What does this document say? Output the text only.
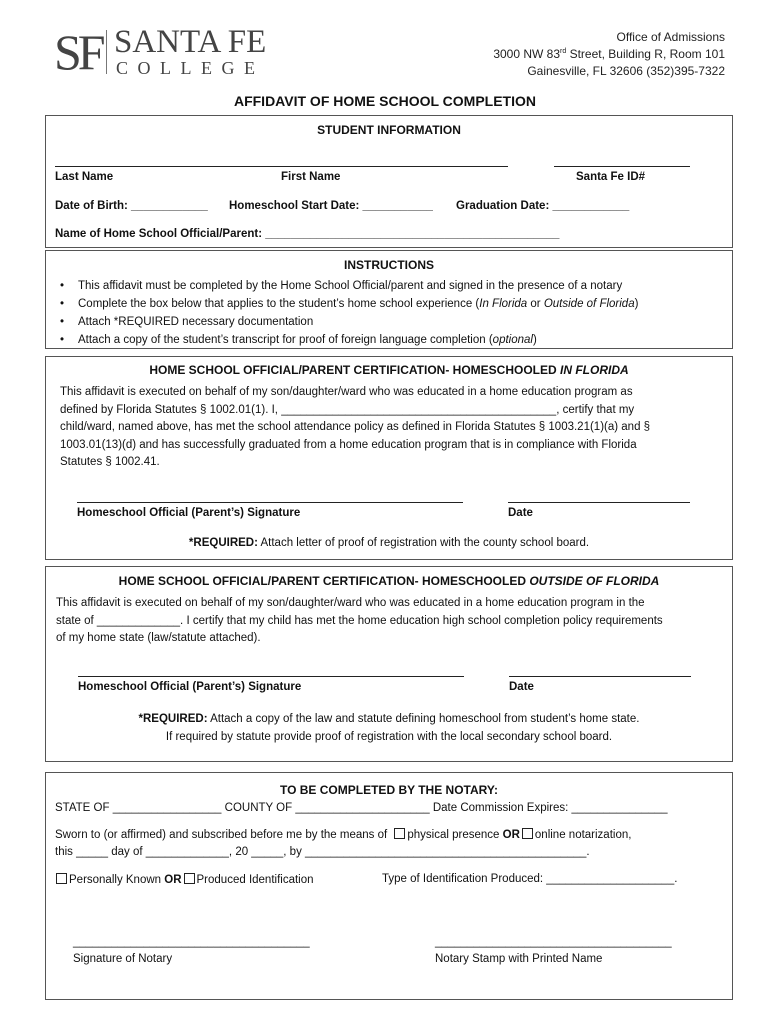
SF SANTA FE
COLLEGE
Office of Admissions
3000 NW 83rd Street, Building R, Room 101
Gainesville, FL 32606 (352)395-7322
AFFIDAVIT OF HOME SCHOOL COMPLETION
STUDENT INFORMATION
Last Name	First Name	Santa Fe ID#
Date of Birth: ____________ Homeschool Start Date: ___________ Graduation Date: ____________
Name of Home School Official/Parent: ______________________________________________
INSTRUCTIONS
• This affidavit must be completed by the Home School Official/parent and signed in the presence of a notary
• Complete the box below that applies to the student’s home school experience (In Florida or Outside of Florida)
• Attach *REQUIRED necessary documentation
• Attach a copy of the student’s transcript for proof of foreign language completion (optional)
HOME SCHOOL OFFICIAL/PARENT CERTIFICATION- HOMESCHOOLED IN FLORIDA
This affidavit is executed on behalf of my son/daughter/ward who was educated in a home education program as
defined by Florida Statutes § 1002.01(1). I, ___________________________________________, certify that my
child/ward, named above, has met the school attendance policy as defined in Florida Statutes § 1003.21(1)(a) and §
1003.01(13)(d) and has successfully graduated from a home education program that is in compliance with Florida
Statutes § 1002.41.
Homeschool Official (Parent’s) Signature	Date
*REQUIRED: Attach letter of proof of registration with the county school board.
HOME SCHOOL OFFICIAL/PARENT CERTIFICATION- HOMESCHOOLED OUTSIDE OF FLORIDA
This affidavit is executed on behalf of my son/daughter/ward who was educated in a home education program in the
state of _____________. I certify that my child has met the home education high school completion policy requirements
of my home state (law/statute attached).
Homeschool Official (Parent’s) Signature	Date
*REQUIRED: Attach a copy of the law and statute defining homeschool from student’s home state.
If required by statute provide proof of registration with the local secondary school board.
TO BE COMPLETED BY THE NOTARY:
STATE OF _________________ COUNTY OF _____________________ Date Commission Expires: _______________
Sworn to (or affirmed) and subscribed before me by the means of physical presence OR online notarization,
this _____ day of _____________, 20 _____, by ____________________________________________.
Personally Known OR Produced Identification	Type of Identification Produced: ____________________.
_____________________________________
Signature of Notary
_____________________________________
Notary Stamp with Printed Name
